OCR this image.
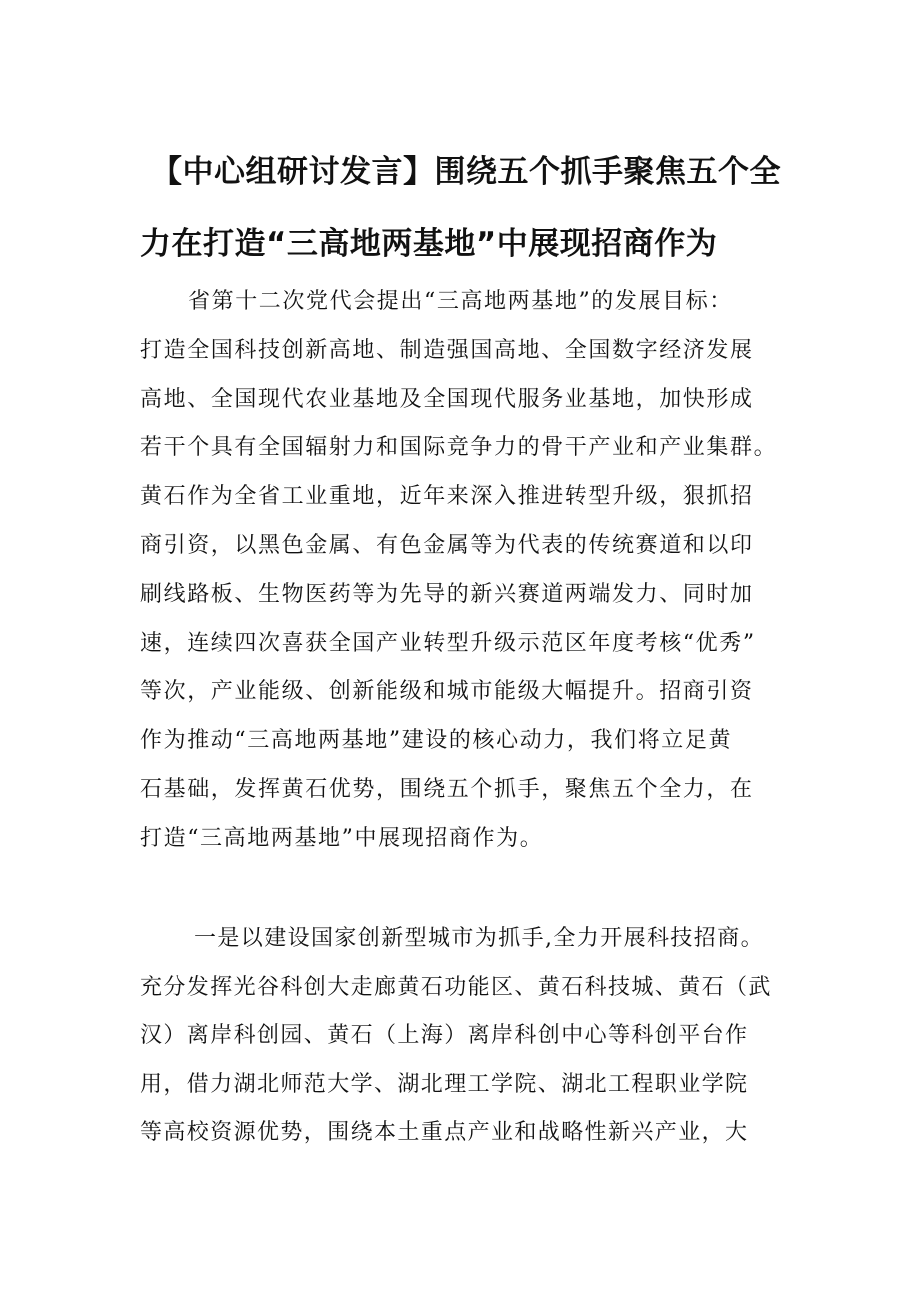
【中心组研讨发言】围绕五个抓手聚焦五个全
力在打造“三高地两基地”中展现招商作为
省第十二次党代会提出“三高地两基地”的发展目标：
打造全国科技创新高地、制造强国高地、全国数字经济发展
高地、全国现代农业基地及全国现代服务业基地，加快形成
若干个具有全国辐射力和国际竞争力的骨干产业和产业集群。
黄石作为全省工业重地，近年来深入推进转型升级，狠抓招
商引资，以黑色金属、有色金属等为代表的传统赛道和以印
刷线路板、生物医药等为先导的新兴赛道两端发力、同时加
速，连续四次喜获全国产业转型升级示范区年度考核“优秀”
等次，产业能级、创新能级和城市能级大幅提升。招商引资
作为推动“三高地两基地”建设的核心动力，我们将立足黄
石基础，发挥黄石优势，围绕五个抓手，聚焦五个全力，在
打造“三高地两基地”中展现招商作为。
一是以建设国家创新型城市为抓手,全力开展科技招商。
充分发挥光谷科创大走廊黄石功能区、黄石科技城、黄石（武
汉）离岸科创园、黄石（上海）离岸科创中心等科创平台作
用，借力湖北师范大学、湖北理工学院、湖北工程职业学院
等高校资源优势，围绕本土重点产业和战略性新兴产业，大
